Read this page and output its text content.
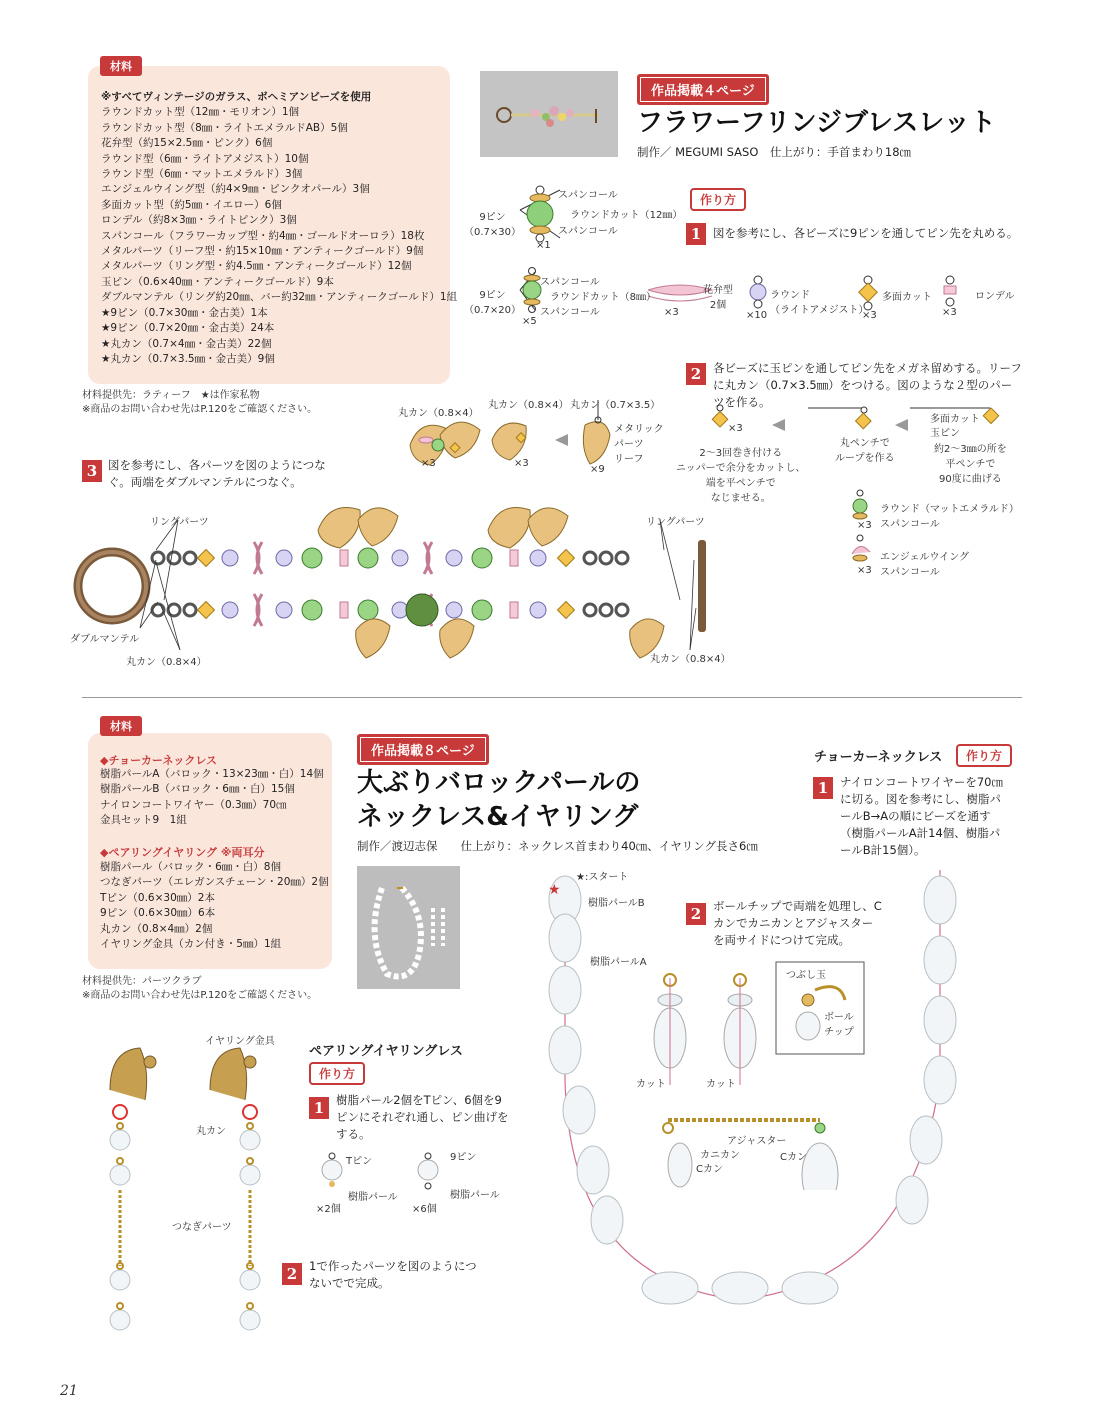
材料
※すべてヴィンテージのガラス、ボヘミアンビーズを使用
ラウンドカット型（12㎜・モリオン）1個
ラウンドカット型（8㎜・ライトエメラルドAB）5個
花弁型（約15×2.5㎜・ピンク）6個
ラウンド型（6㎜・ライトアメジスト）10個
ラウンド型（6㎜・マットエメラルド）3個
エンジェルウイング型（約4×9㎜・ピンクオパール）3個
多面カット型（約5㎜・イエロー）6個
ロンデル（約8×3㎜・ライトピンク）3個
スパンコール（フラワーカップ型・約4㎜・ゴールドオーロラ）18枚
メタルパーツ（リーフ型・約15×10㎜・アンティークゴールド）9個
メタルパーツ（リング型・約4.5㎜・アンティークゴールド）12個
玉ピン（0.6×40㎜・アンティークゴールド）9本
ダブルマンテル（リング約20㎜、バー約32㎜・アンティークゴールド）1組
★9ピン（0.7×30㎜・金古美）1本
★9ピン（0.7×20㎜・金古美）24本
★丸カン（0.7×4㎜・金古美）22個
★丸カン（0.7×3.5㎜・金古美）9個
材料提供先：ラティーフ　★は作家私物
※商品のお問い合わせ先はP.120をご確認ください。
作品掲載４ページ
フラワーフリンジブレスレット
制作／ MEGUMI SASO　仕上がり：手首まわり18㎝
作り方
1	図を参考にし、各ビーズに9ピンを通してピン先を丸める。
9ピン
（0.7×30）
スパンコール
ラウンドカット（12㎜）
スパンコール
×1
9ピン
（0.7×20）
スパンコール
ラウンドカット（8㎜）
スパンコール
×5
花弁型
2個
×3
ラウンド
（ライトアメジスト）
×10
多面カット
×3
ロンデル
×3
2	各ビーズに玉ピンを通してピン先をメガネ留めする。リーフに丸カン（0.7×3.5㎜）をつける。図のような２型のパーツを作る。
丸カン（0.8×4）
丸カン（0.8×4） 丸カン（0.7×3.5）
メタリック
パーツ
リーフ
×3	×3
×9
×3
2〜3回巻き付ける
ニッパーで余分をカットし、
端を平ペンチで
なじませる。
丸ペンチで
ループを作る
多面カット
玉ピン
約2〜3㎜の所を
平ペンチで
90度に曲げる
ラウンド（マットエメラルド）
スパンコール
×3
エンジェルウイング
スパンコール
×3
3 図を参考にし、各パーツを図のようにつなぐ。両端をダブルマンテルにつなぐ。
リングパーツ	リングパーツ
ダブルマンテル
丸カン（0.8×4）	丸カン（0.8×4）
材料
◆チョーカーネックレス
樹脂パールA（バロック・13×23㎜・白）14個
樹脂パールB（バロック・6㎜・白）15個
ナイロンコートワイヤー（0.3㎜）70㎝
金具セット9　1組
◆ペアリングイヤリング ※両耳分
樹脂パール（バロック・6㎜・白）8個
つなぎパーツ（エレガンスチェーン・20㎜）2個
Tピン（0.6×30㎜）2本
9ピン（0.6×30㎜）6本
丸カン（0.8×4㎜）2個
イヤリング金具（カン付き・5㎜）1組
材料提供先：パーツクラブ
※商品のお問い合わせ先はP.120をご確認ください。
作品掲載８ページ
大ぶりバロックパールの
ネックレス&イヤリング
制作／渡辺志保　　仕上がり：ネックレス首まわり40㎝、イヤリング長さ6㎝
チョーカーネックレス	作り方
1	ナイロンコートワイヤーを70㎝に切る。図を参考にし、樹脂パールB→Aの順にビーズを通す（樹脂パールA計14個、樹脂パールB計15個）。
2	ボールチップで両端を処理し、Cカンでカニカンとアジャスターを両サイドにつけて完成。
★
★:スタート
樹脂パールB
樹脂パールA
つぶし玉
ボール
チップ
カット	カット
アジャスター
カニカン
Cカン
Cカン
イヤリング金具
丸カン
つなぎパーツ
ペアリングイヤリングレス
作り方
1	樹脂パール2個をTピン、6個を9ピンにそれぞれ通し、ピン曲げをする。
Tピン	9ピン
樹脂パール	樹脂パール
×2個	×6個
2	1で作ったパーツを図のようにつないでで完成。
21
